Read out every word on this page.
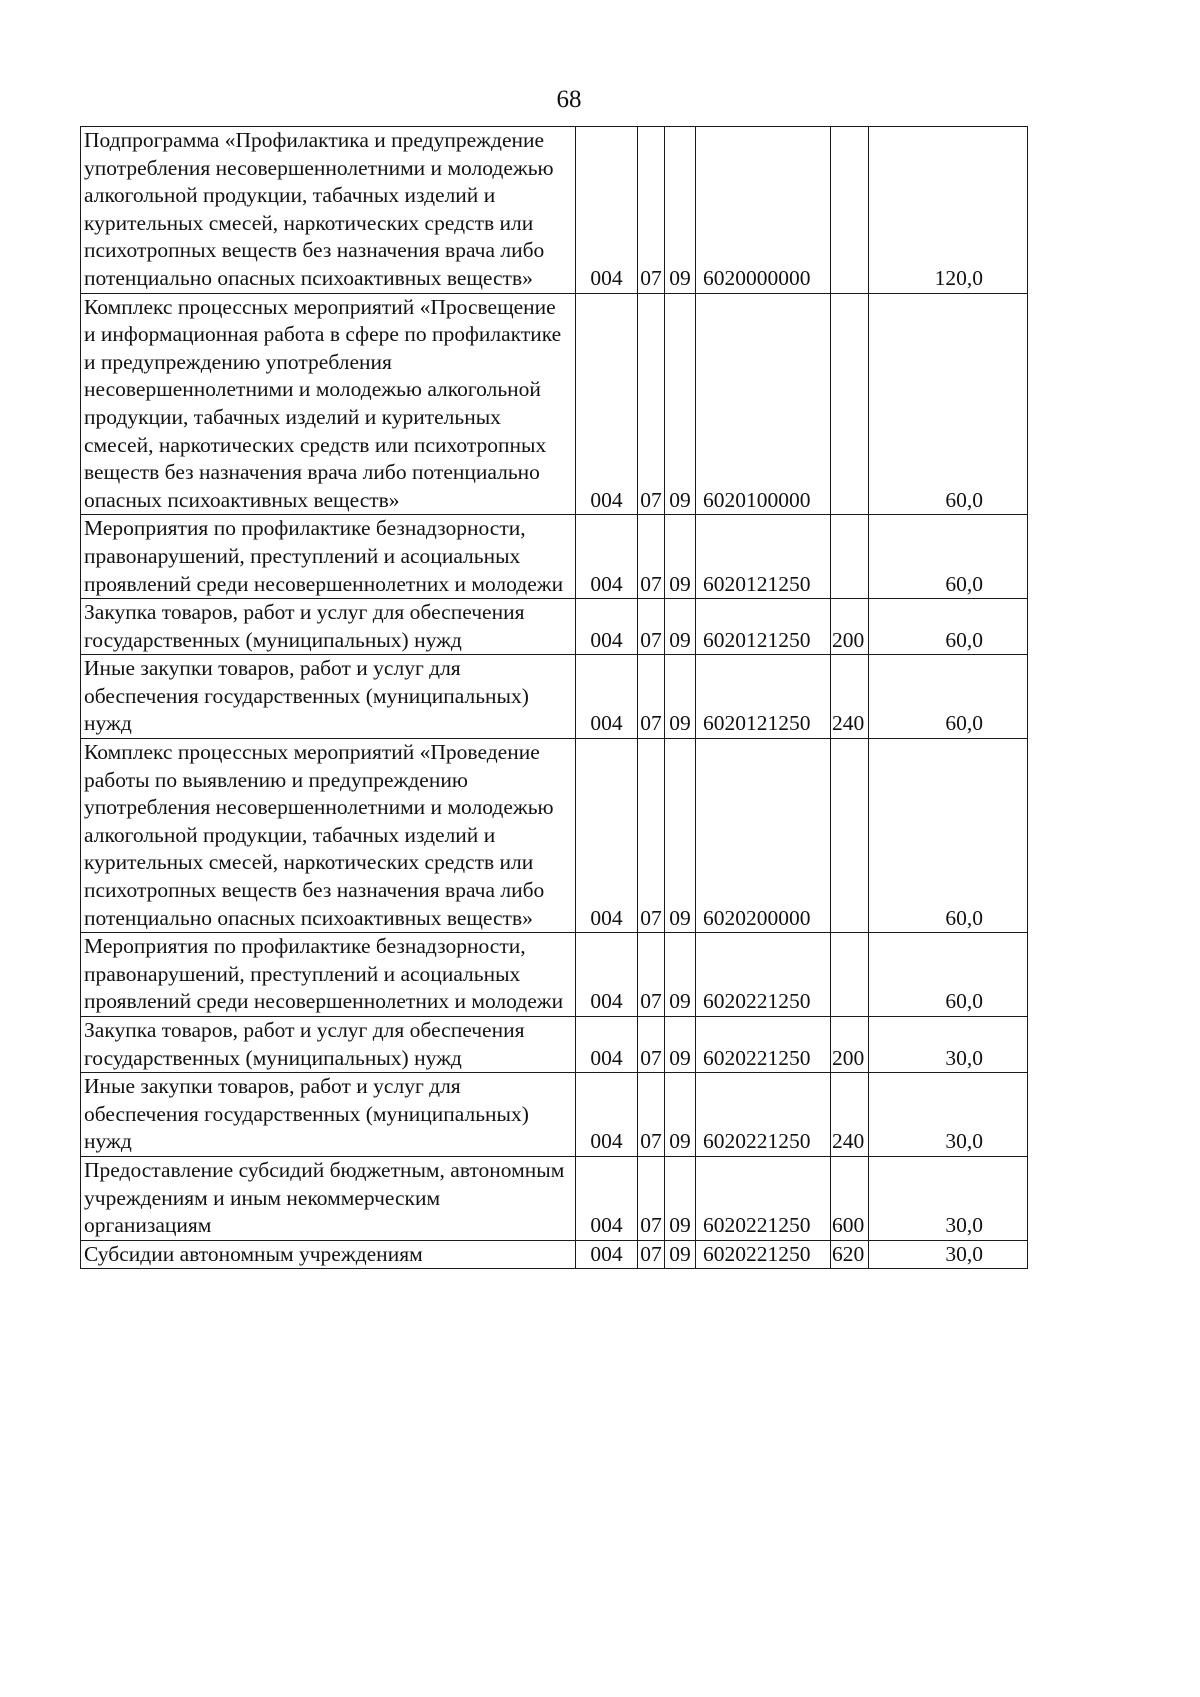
68
Подпрограмма «Профилактика и предупреждение употребления несовершеннолетними и молодежью алкогольной продукции, табачных изделий и курительных смесей, наркотических средств или психотропных веществ без назначения врача либо потенциально опасных психоактивных веществ»	004	07	09	6020000000		120,0
Комплекс процессных мероприятий «Просвещение и информационная работа в сфере по профилактике и предупреждению употребления несовершеннолетними и молодежью алкогольной продукции, табачных изделий и курительных смесей, наркотических средств или психотропных веществ без назначения врача либо потенциально опасных психоактивных веществ»	004	07	09	6020100000		60,0
Мероприятия по профилактике безнадзорности, правонарушений, преступлений и асоциальных проявлений среди несовершеннолетних и молодежи	004	07	09	6020121250		60,0
Закупка товаров, работ и услуг для обеспечения государственных (муниципальных) нужд	004	07	09	6020121250	200	60,0
Иные закупки товаров, работ и услуг для обеспечения государственных (муниципальных) нужд	004	07	09	6020121250	240	60,0
Комплекс процессных мероприятий «Проведение работы по выявлению и предупреждению употребления несовершеннолетними и молодежью алкогольной продукции, табачных изделий и курительных смесей, наркотических средств или психотропных веществ без назначения врача либо потенциально опасных психоактивных веществ»	004	07	09	6020200000		60,0
Мероприятия по профилактике безнадзорности, правонарушений, преступлений и асоциальных проявлений среди несовершеннолетних и молодежи	004	07	09	6020221250		60,0
Закупка товаров, работ и услуг для обеспечения государственных (муниципальных) нужд	004	07	09	6020221250	200	30,0
Иные закупки товаров, работ и услуг для обеспечения государственных (муниципальных) нужд	004	07	09	6020221250	240	30,0
Предоставление субсидий бюджетным, автономным учреждениям и иным некоммерческим организациям	004	07	09	6020221250	600	30,0
Субсидии автономным учреждениям	004	07	09	6020221250	620	30,0
